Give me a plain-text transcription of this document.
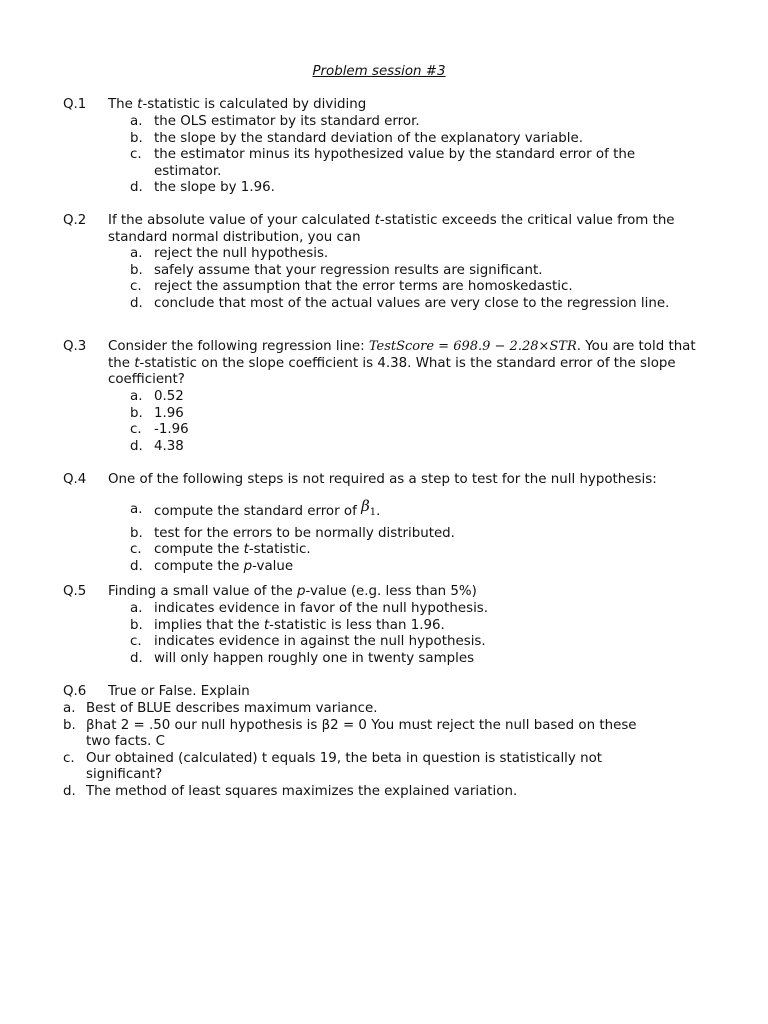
Problem session #3
Q.1 The t-statistic is calculated by dividing
a. the OLS estimator by its standard error.
b. the slope by the standard deviation of the explanatory variable.
c. the estimator minus its hypothesized value by the standard error of the estimator.
d. the slope by 1.96.
Q.2 If the absolute value of your calculated t-statistic exceeds the critical value from the standard normal distribution, you can
a. reject the null hypothesis.
b. safely assume that your regression results are significant.
c. reject the assumption that the error terms are homoskedastic.
d. conclude that most of the actual values are very close to the regression line.
Q.3 Consider the following regression line: TestScore = 698.9 − 2.28×STR. You are told that the t-statistic on the slope coefficient is 4.38. What is the standard error of the slope coefficient?
a. 0.52
b. 1.96
c. -1.96
d. 4.38
Q.4 One of the following steps is not required as a step to test for the null hypothesis:
a. compute the standard error of $\beta_1$.
b. test for the errors to be normally distributed.
c. compute the t-statistic.
d. compute the p-value
Q.5 Finding a small value of the p-value (e.g. less than 5%)
a. indicates evidence in favor of the null hypothesis.
b. implies that the t-statistic is less than 1.96.
c. indicates evidence in against the null hypothesis.
d. will only happen roughly one in twenty samples
Q.6 True or False. Explain
a. Best of BLUE describes maximum variance.
b. βhat 2 = .50 our null hypothesis is β2 = 0 You must reject the null based on these two facts. C
c. Our obtained (calculated) t equals 19, the beta in question is statistically not significant?
d. The method of least squares maximizes the explained variation.
